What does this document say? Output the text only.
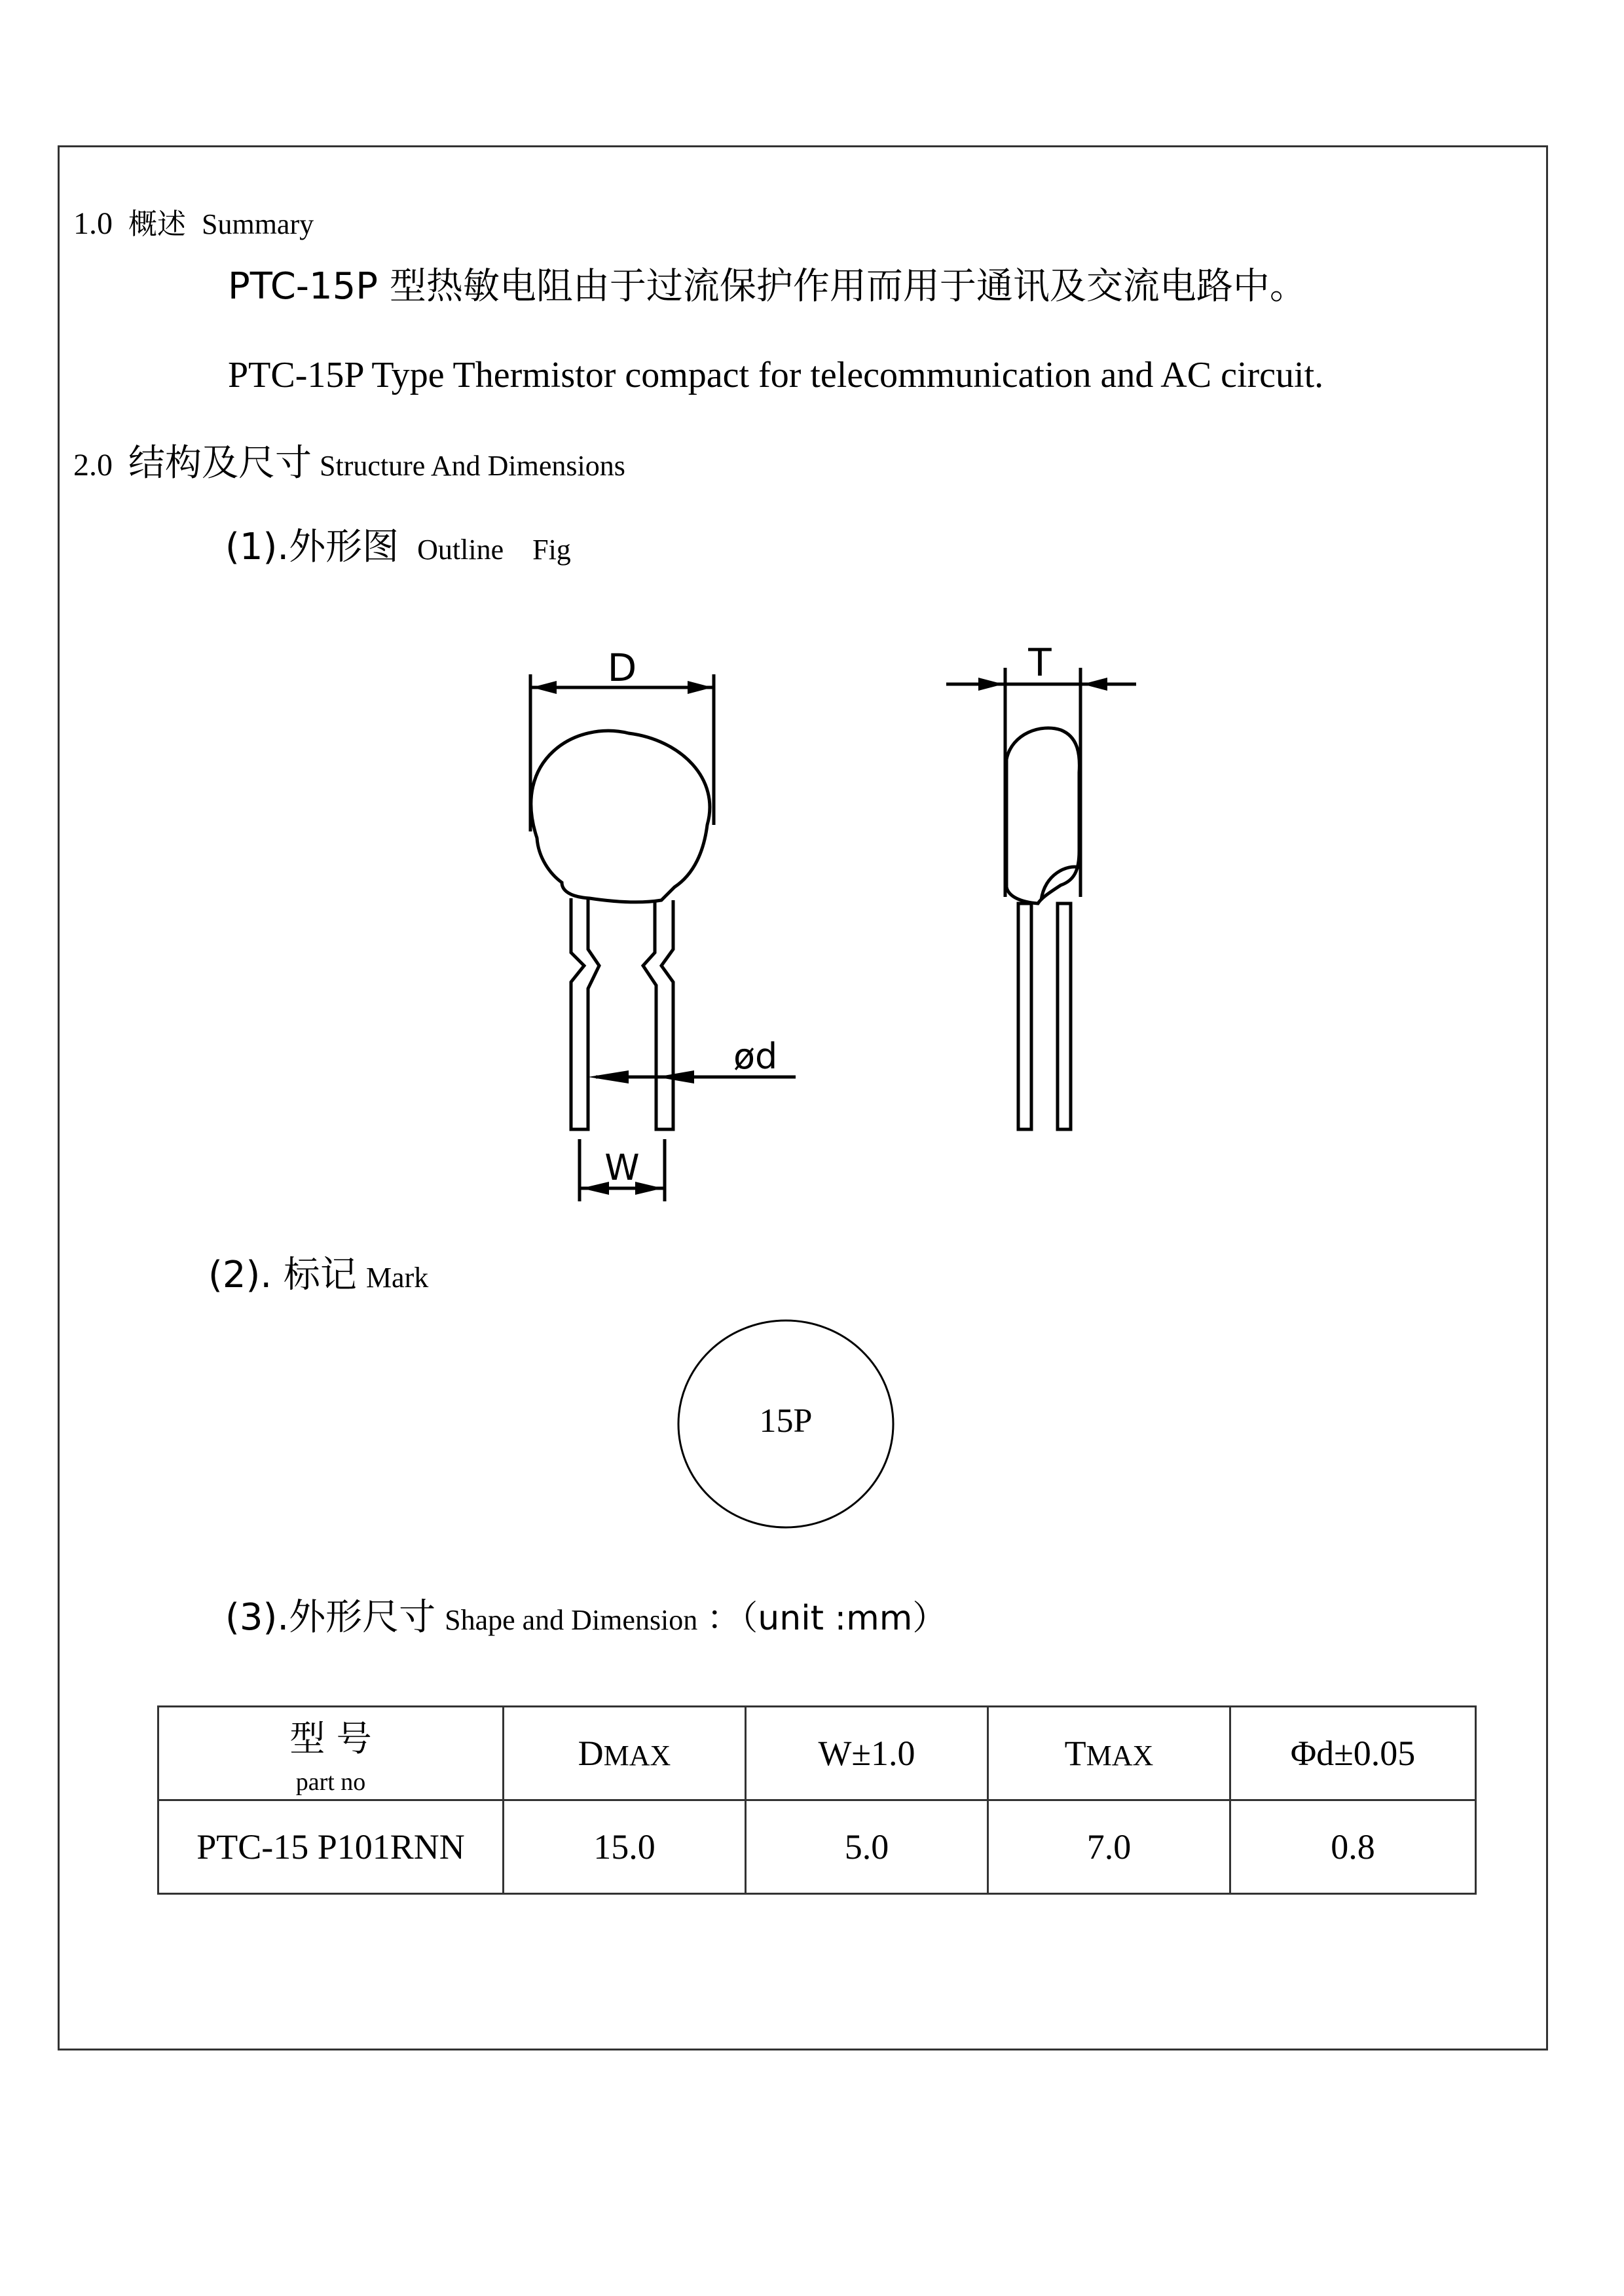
1.0 概述 Summary
PTC-15P 型热敏电阻由于过流保护作用而用于通讯及交流电路中。
PTC-15P Type Thermistor compact for telecommunication and AC circuit.
2.0 结构及尺寸 Structure And Dimensions
(1).外形图 Outline    Fig
D	T
ød
W
(2). 标记 Mark
15P
(3).外形尺寸 Shape and Dimension ：（unit :mm）
型 号
part no	DMAX	W±1.0	TMAX	Φd±0.05
PTC-15 P101RNN	15.0	5.0	7.0	0.8
